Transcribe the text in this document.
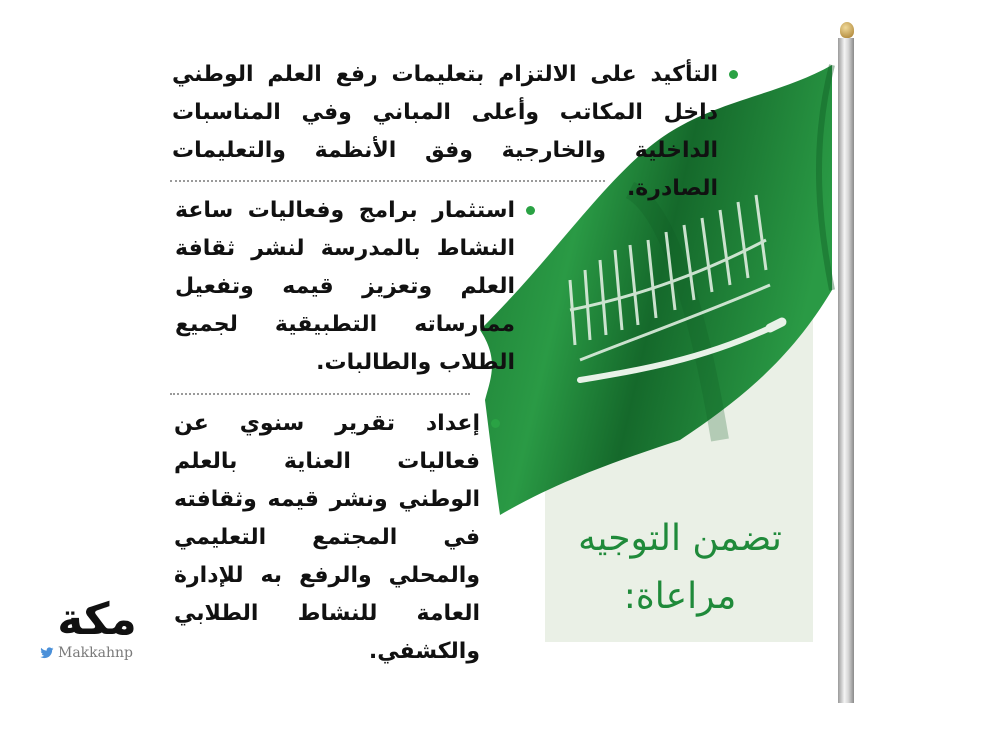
تضمن التوجيه
مراعاة:
التأكيد على الالتزام بتعليمات رفع العلم الوطني داخل المكاتب وأعلى المباني وفي المناسبات الداخلية والخارجية وفق الأنظمة والتعليمات الصادرة.
استثمار برامج وفعاليات ساعة النشاط بالمدرسة لنشر ثقافة العلم وتعزيز قيمه وتفعيل ممارساته التطبيقية لجميع الطلاب والطالبات.
إعداد تقرير سنوي عن فعاليات العناية بالعلم الوطني ونشر قيمه وثقافته في المجتمع التعليمي والمحلي والرفع به للإدارة العامة للنشاط الطلابي والكشفي.
مكة
Makkahnp
